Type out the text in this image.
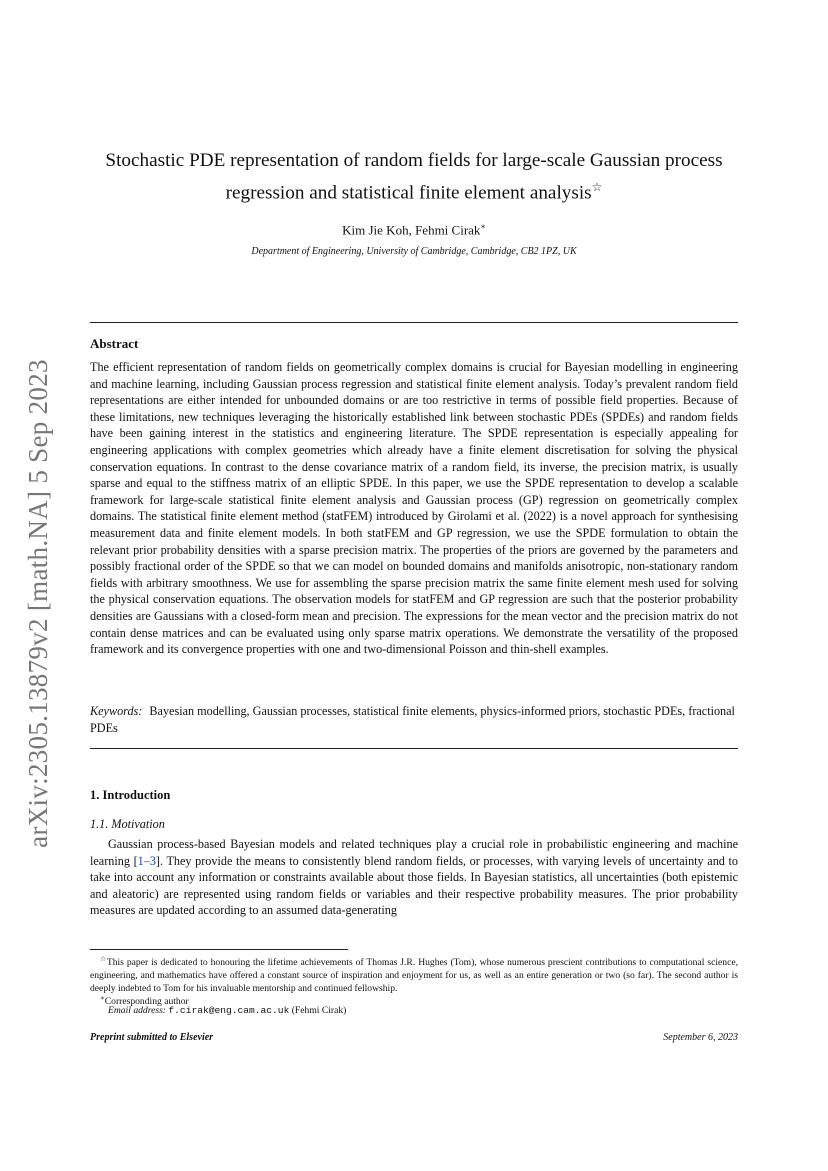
arXiv:2305.13879v2 [math.NA] 5 Sep 2023
Stochastic PDE representation of random fields for large-scale Gaussian process regression and statistical finite element analysis☆
Kim Jie Koh, Fehmi Cirak∗
Department of Engineering, University of Cambridge, Cambridge, CB2 1PZ, UK
Abstract
The efficient representation of random fields on geometrically complex domains is crucial for Bayesian modelling in engineering and machine learning, including Gaussian process regression and statistical finite element analysis. Today’s prevalent random field representations are either intended for unbounded domains or are too restrictive in terms of possible field properties. Because of these limitations, new techniques leveraging the historically established link between stochastic PDEs (SPDEs) and random fields have been gaining interest in the statistics and engineering literature. The SPDE representation is especially appealing for engineering applications with complex geometries which already have a finite element discretisation for solving the physical conservation equations. In contrast to the dense covariance matrix of a random field, its inverse, the precision matrix, is usually sparse and equal to the stiffness matrix of an elliptic SPDE. In this paper, we use the SPDE representation to develop a scalable framework for large-scale statistical finite element analysis and Gaussian process (GP) regression on geometrically complex domains. The statistical finite element method (statFEM) introduced by Girolami et al. (2022) is a novel approach for synthesising measurement data and finite element models. In both statFEM and GP regression, we use the SPDE formulation to obtain the relevant prior probability densities with a sparse precision matrix. The properties of the priors are governed by the parameters and possibly fractional order of the SPDE so that we can model on bounded domains and manifolds anisotropic, non-stationary random fields with arbitrary smoothness. We use for assembling the sparse precision matrix the same finite element mesh used for solving the physical conservation equations. The observation models for statFEM and GP regression are such that the posterior probability densities are Gaussians with a closed-form mean and precision. The expressions for the mean vector and the precision matrix do not contain dense matrices and can be evaluated using only sparse matrix operations. We demonstrate the versatility of the proposed framework and its convergence properties with one and two-dimensional Poisson and thin-shell examples.
Keywords: Bayesian modelling, Gaussian processes, statistical finite elements, physics-informed priors, stochastic PDEs, fractional PDEs
1. Introduction
1.1. Motivation
Gaussian process-based Bayesian models and related techniques play a crucial role in probabilistic engineering and machine learning [1–3]. They provide the means to consistently blend random fields, or processes, with varying levels of uncertainty and to take into account any information or constraints available about those fields. In Bayesian statistics, all uncertainties (both epistemic and aleatoric) are represented using random fields or variables and their respective probability measures. The prior probability measures are updated according to an assumed data-generating
☆This paper is dedicated to honouring the lifetime achievements of Thomas J.R. Hughes (Tom), whose numerous prescient contributions to computational science, engineering, and mathematics have offered a constant source of inspiration and enjoyment for us, as well as an entire generation or two (so far). The second author is deeply indebted to Tom for his invaluable mentorship and continued fellowship.
∗Corresponding author
Email address: f.cirak@eng.cam.ac.uk (Fehmi Cirak)
Preprint submitted to Elsevier	September 6, 2023
